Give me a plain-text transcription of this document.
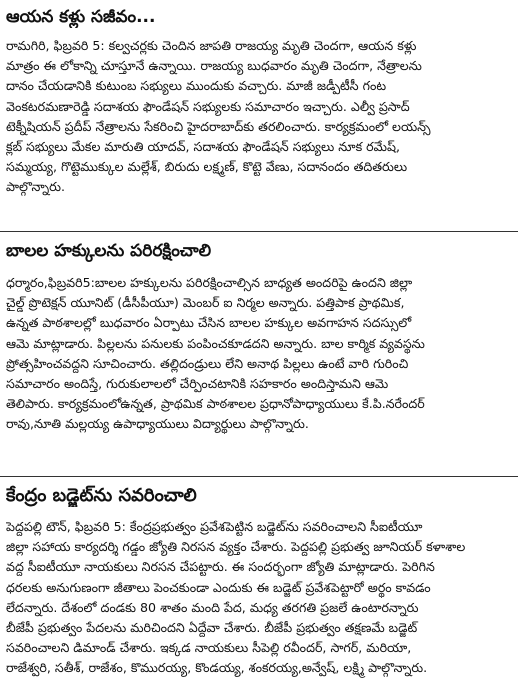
ఆయన కళ్లు సజీవం...
రామగిరి, ఫిబ్రవరి 5: కల్వచర్లకు చెందిన జాపతి రాజయ్య మృతి చెందగా, ఆయన కళ్లు
మాత్రం ఈ లోకాన్ని చూస్తూనే ఉన్నాయి. రాజయ్య బుధవారం మృతి చెందగా, నేత్రాలను
దానం చేయడానికి కుటుంబ సభ్యులు ముందుకు వచ్చారు. మాజీ జడ్పీటీసీ గంట
వెంకటరమణారెడ్డి సదాశయ ఫౌండేషన్ సభ్యులకు సమాచారం ఇచ్చారు. ఎల్వీ ప్రసాద్
టెక్నీషియన్ ప్రదీప్ నేత్రాలను సేకరించి హైదరాబాద్‌కు తరలించారు. కార్యక్రమంలో లయన్స్
క్లబ్ సభ్యులు మేకల మారుతి యాదవ్, సదాశయ ఫౌండేషన్ సభ్యులు నూక రమేష్,
సమ్మయ్య, గొట్టెముక్కుల మల్లేశ్, బిరుదు లక్ష్మణ్, కొట్టె వేణు, సదానందం తదితరులు
పాల్గొన్నారు.
బాలల హక్కులను పరిరక్షించాలి
ధర్మారం,ఫిబ్రవరి5:బాలల హక్కులను పరిరక్షించాల్సిన బాధ్యత అందరిపై ఉందని జిల్లా
చైల్డ్ ప్రొటెక్షన్ యూనిట్ (డీసీపీయూ) మెంబర్ ఐ నిర్మల అన్నారు. పత్తిపాక ప్రాథమిక,
ఉన్నత పాఠశాలల్లో బుధవారం ఏర్పాటు చేసిన బాలల హక్కుల అవగాహన సదస్సులో
ఆమె మాట్లాడారు. పిల్లలను పనులకు పంపించకూడదని అన్నారు. బాల కార్మిక వ్యవస్థను
ప్రోత్సహించవద్దని సూచించారు. తల్లిదండ్రులు లేని అనాథ పిల్లలు ఉంటే వారి గురించి
సమాచారం అందిస్తే, గురుకులాలలో చేర్పించటానికి సహకారం అందిస్తామని ఆమె
తెలిపారు. కార్యక్రమంలోఉన్నత, ప్రాథమిక పాఠశాలల ప్రధానోపాధ్యాయులు కే.పి.నరేందర్
రావు,నూతి మల్లయ్య ఉపాధ్యాయులు విద్యార్థులు పాల్గొన్నారు.
కేంద్రం బడ్జెట్‌ను సవరించాలి
పెద్దపల్లి టౌన్, ఫిబ్రవరి 5: కేంద్రప్రభుత్వం ప్రవేశపెట్టిన బడ్జెట్‌ను సవరించాలని సీఐటీయూ
జిల్లా సహాయ కార్యదర్శి గడ్డం జ్యోతి నిరసన వ్యక్తం చేశారు. పెద్దపల్లి ప్రభుత్వ జూనియర్ కళాశాల
వద్ద సీఐటీయూ నాయకులు నిరసన చేపట్టారు. ఈ సందర్భంగా జ్యోతి మాట్లాడారు. పెరిగిన
ధరలకు అనుగుణంగా జీతాలు పెంచకుండా ఎందుకు ఈ బడ్జెట్ ప్రవేశపెట్టారో అర్థం కావడం
లేదన్నారు. దేశంలో దండకు 80 శాతం మంది పేద, మధ్య తరగతి ప్రజలే ఉంటారన్నారు
బీజేపీ ప్రభుత్వం పేదలను మరిచిందని ఏద్దేవా చేశారు. బీజేపీ ప్రభుత్వం తక్షణమే బడ్జెట్
సవరించాలని డిమాండ్ చేశారు. ఇక్కడ నాయకులు సీపెల్లి రవీందర్, సాగర్, మరియా,
రాజేశ్వరి, సతీశ్, రాజేశం, కొమురయ్య, కొండయ్య, శంకరయ్య,అన్వేష్, లక్ష్మి పాల్గొన్నారు.
